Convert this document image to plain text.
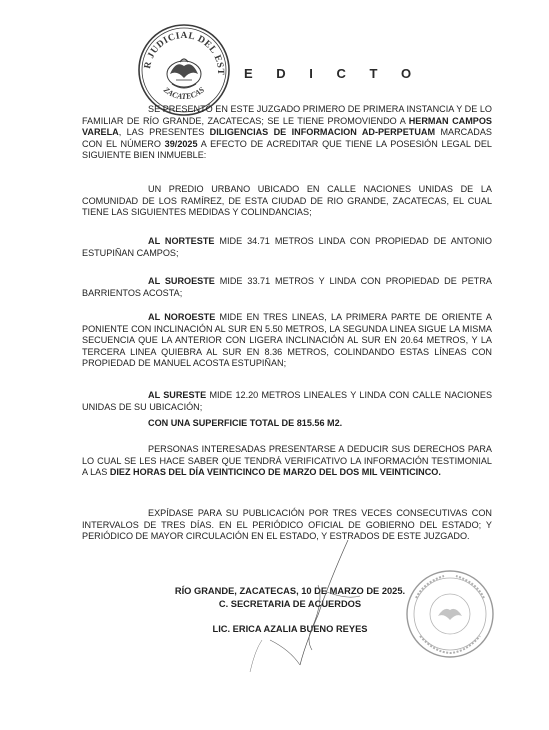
R JUDICIAL DEL EST
ZACATECAS
E D I C T O
SE PRESENTÓ EN ESTE JUZGADO PRIMERO DE PRIMERA INSTANCIA Y DE LO FAMILIAR DE RÍO GRANDE, ZACATECAS; SE LE TIENE PROMOVIENDO A HERMAN CAMPOS VARELA, LAS PRESENTES DILIGENCIAS DE INFORMACION AD-PERPETUAM MARCADAS CON EL NÚMERO 39/2025 A EFECTO DE ACREDITAR QUE TIENE LA POSESIÓN LEGAL DEL SIGUIENTE BIEN INMUEBLE:
UN PREDIO URBANO UBICADO EN CALLE NACIONES UNIDAS DE LA COMUNIDAD DE LOS RAMÍREZ, DE ESTA CIUDAD DE RIO GRANDE, ZACATECAS, EL CUAL TIENE LAS SIGUIENTES MEDIDAS Y COLINDANCIAS;
AL NORTESTE MIDE 34.71 METROS LINDA CON PROPIEDAD DE ANTONIO ESTUPIÑAN CAMPOS;
AL SUROESTE MIDE 33.71 METROS Y LINDA CON PROPIEDAD DE PETRA BARRIENTOS ACOSTA;
AL NOROESTE MIDE EN TRES LINEAS, LA PRIMERA PARTE DE ORIENTE A PONIENTE CON INCLINACIÓN AL SUR EN 5.50 METROS, LA SEGUNDA LINEA SIGUE LA MISMA SECUENCIA QUE LA ANTERIOR CON LIGERA INCLINACIÓN AL SUR EN 20.64 METROS, Y LA TERCERA LINEA QUIEBRA AL SUR EN 8.36 METROS, COLINDANDO ESTAS LÍNEAS CON PROPIEDAD DE MANUEL ACOSTA ESTUPIÑAN;
AL SURESTE MIDE 12.20 METROS LINEALES Y LINDA CON CALLE NACIONES UNIDAS DE SU UBICACIÓN;
CON UNA SUPERFICIE TOTAL DE 815.56 M2.
PERSONAS INTERESADAS PRESENTARSE A DEDUCIR SUS DERECHOS PARA LO CUAL SE LES HACE SABER QUE TENDRÁ VERIFICATIVO LA INFORMACIÓN TESTIMONIAL A LAS DIEZ HORAS DEL DÍA VEINTICINCO DE MARZO DEL DOS MIL VEINTICINCO.
EXPÍDASE PARA SU PUBLICACIÓN POR TRES VECES CONSECUTIVAS CON INTERVALOS DE TRES DÍAS. EN EL PERIÓDICO OFICIAL DE GOBIERNO DEL ESTADO; Y PERIÓDICO DE MAYOR CIRCULACIÓN EN EL ESTADO, Y ESTRADOS DE ESTE JUZGADO.
RÍO GRANDE, ZACATECAS, 10 DE MARZO DE 2025.
C. SECRETARIA DE ACUERDOS
LIC. ERICA AZALIA BUENO REYES
